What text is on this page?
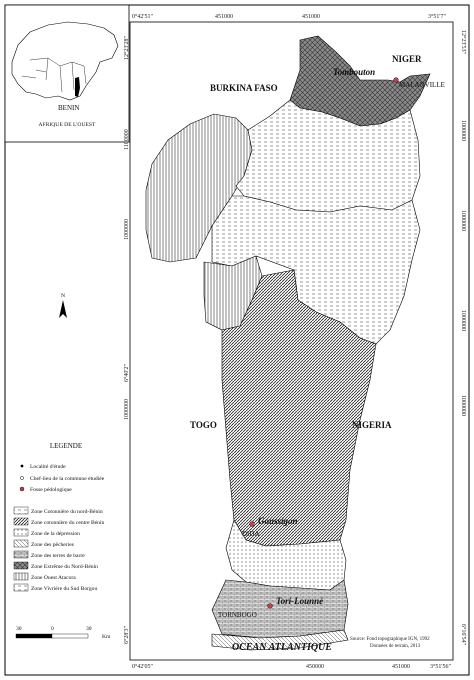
BENIN
AFRIQUE DE L'OUEST
NIGER
BURKINA FASO
TOGO	NIGERIA
OCEAN ATLANTIQUE
Tombouton
MALANVILLE
Goussigon
DIDA
Tori-Lounné
TORNBOGO
N
0°42'51"	451000	451000	3°51'7"
0°42'05"	450000	451000	3°51'56"
12°23'28"
1100000
1000000
6°40'2"
1000000
6°28'3"
12°23'53"
1000000
1000000
1000000
1000000
6°16'54"
LEGENDE
Localité d'étude
Chef-lieu de la commune étudiée
Fosse pédologique
Zone Cotonnière du nord-Bénin
Zone cotonnière du centre Bénin
Zone de la dépression
Zone des pêcheries
Zone des terres de barre
Zone Extrême du Nord-Bénin
Zone Ouest Atacora
Zone Vivrière du Sud Borgou
30	0	30
Km	Source: Fond topographique IGN, 1992
Données de terrain, 2013
